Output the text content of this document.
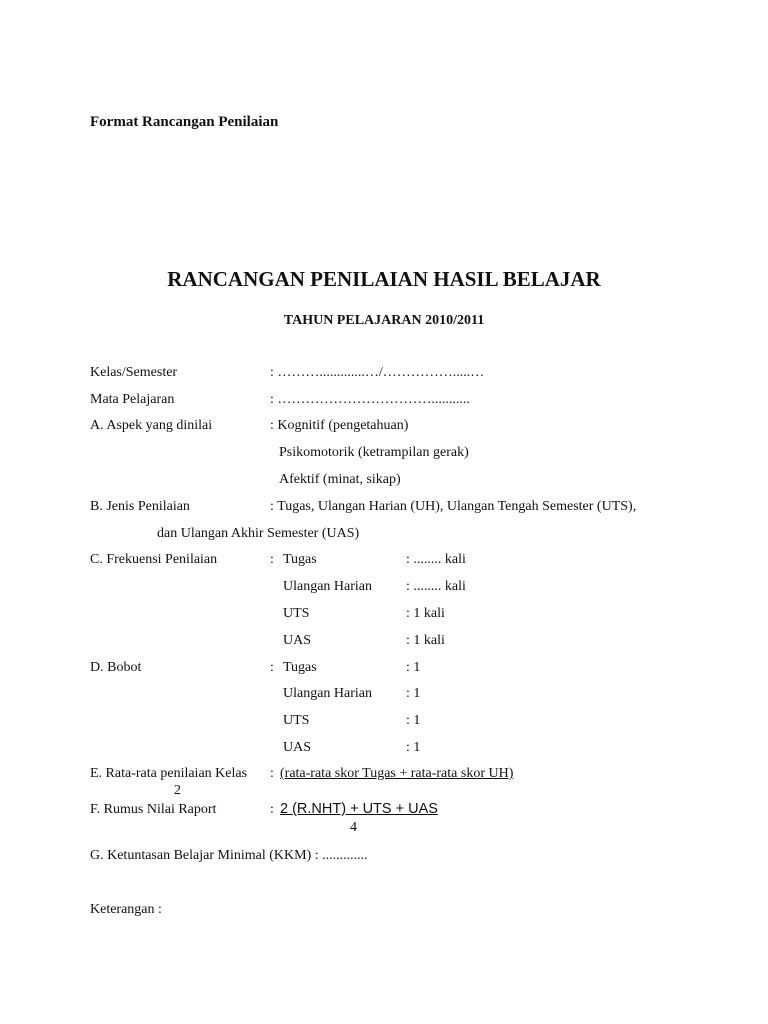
Format Rancangan Penilaian
RANCANGAN PENILAIAN HASIL BELAJAR
TAHUN PELAJARAN 2010/2011
Kelas/Semester	: ……….............…/…………….....…
Mata Pelajaran	: ……………………………...........
A. Aspek yang dinilai	: Kognitif (pengetahuan)
Psikomotorik (ketrampilan gerak)
Afektif (minat, sikap)
B. Jenis Penilaian	: Tugas, Ulangan Harian (UH), Ulangan Tengah Semester (UTS),
dan Ulangan Akhir Semester (UAS)
C. Frekuensi Penilaian	: Tugas	: ........ kali
Ulangan Harian : ........ kali
UTS	: 1 kali
UAS	: 1 kali
D. Bobot	: Tugas	: 1
Ulangan Harian : 1
UTS	: 1
UAS	: 1
E. Rata-rata penilaian Kelas : (rata-rata skor Tugas + rata-rata skor UH)
2
F. Rumus Nilai Raport	: 2 (R.NHT) + UTS + UAS
4
G. Ketuntasan Belajar Minimal (KKM) : .............
Keterangan :
